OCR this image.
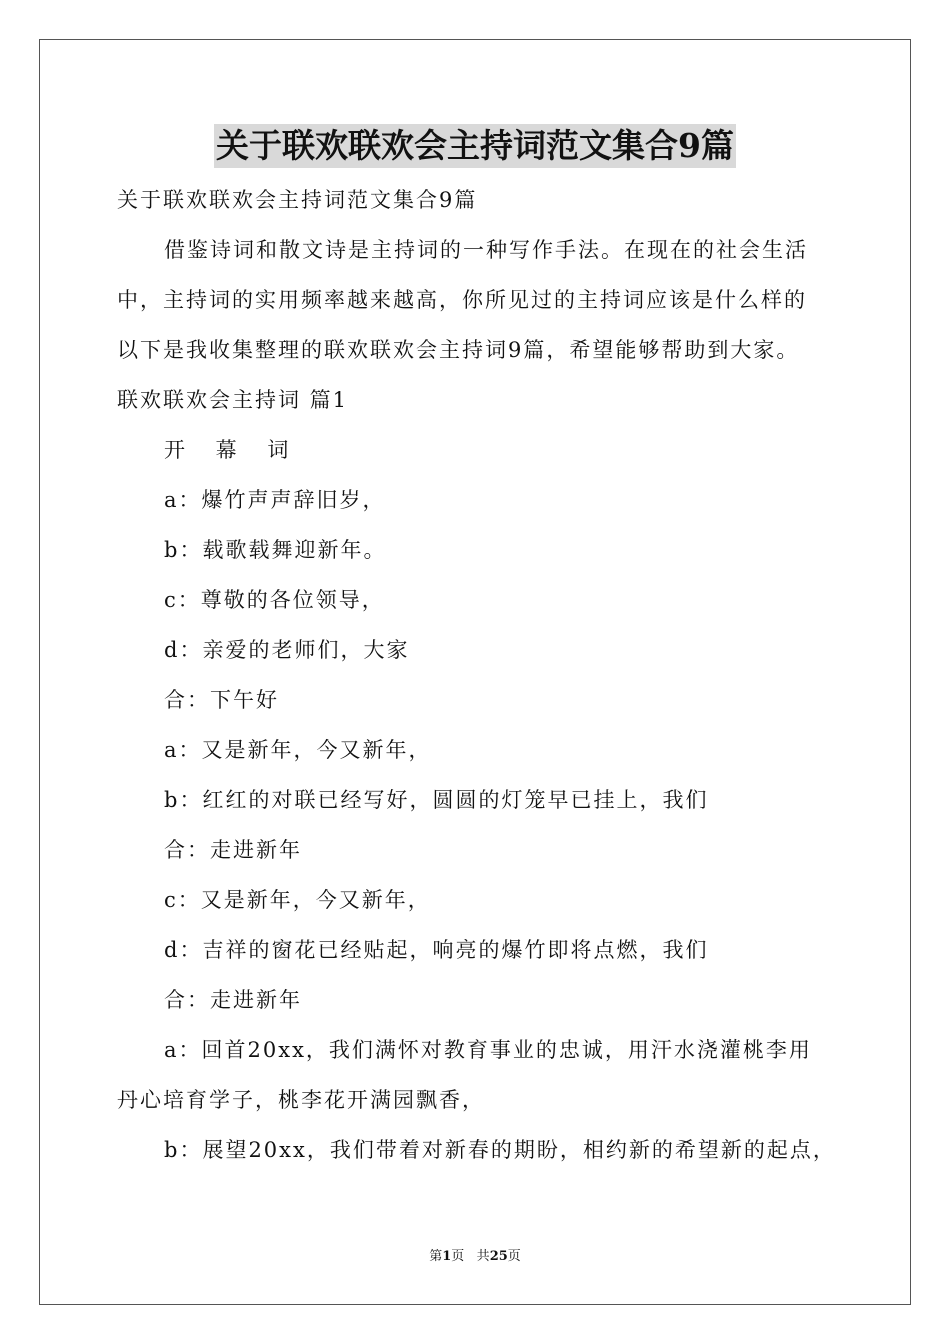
关于联欢联欢会主持词范文集合9篇
关于联欢联欢会主持词范文集合9篇
借鉴诗词和散文诗是主持词的一种写作手法。在现在的社会生活
中，主持词的实用频率越来越高，你所见过的主持词应该是什么样的
以下是我收集整理的联欢联欢会主持词9篇，希望能够帮助到大家。
联欢联欢会主持词 篇1
开 幕 词
a：爆竹声声辞旧岁，
b：载歌载舞迎新年。
c：尊敬的各位领导，
d：亲爱的老师们，大家
合：下午好
a：又是新年，今又新年，
b：红红的对联已经写好，圆圆的灯笼早已挂上，我们
合：走进新年
c：又是新年，今又新年，
d：吉祥的窗花已经贴起，响亮的爆竹即将点燃，我们
合：走进新年
a：回首20xx，我们满怀对教育事业的忠诚，用汗水浇灌桃李用
丹心培育学子，桃李花开满园飘香，
b：展望20xx，我们带着对新春的期盼，相约新的希望新的起点，
第1页 共25页
